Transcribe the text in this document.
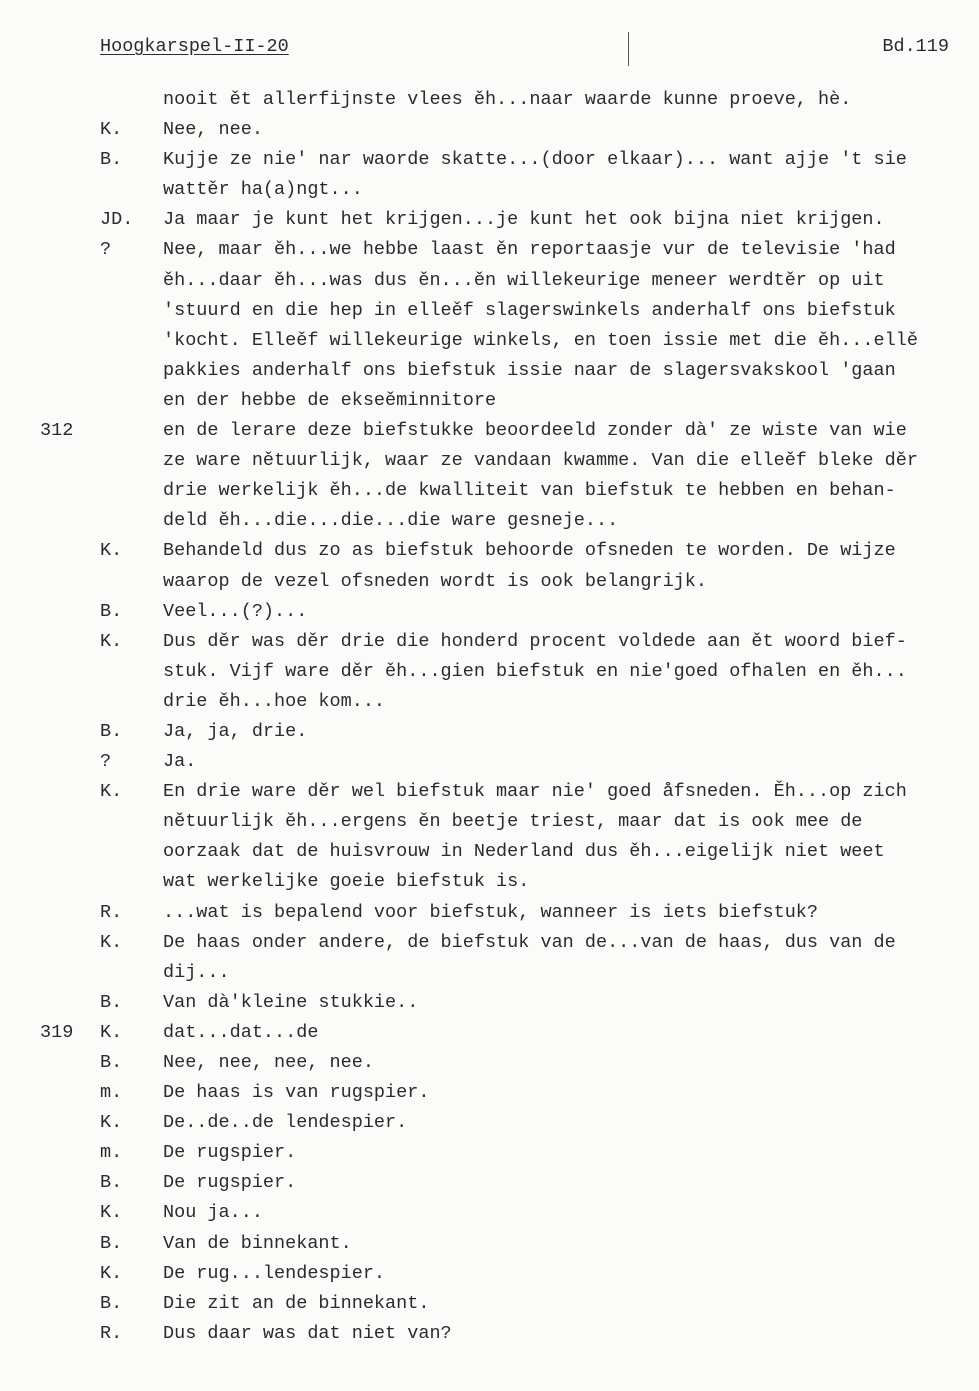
Hoogkarspel-II-20	Bd.119
nooit ět allerfijnste vlees ěh...naar waarde kunne proeve, hè.
K. Nee, nee.
B. Kujje ze nie' nar waorde skatte...(door elkaar)... want ajje 't sie
wattěr ha(a)ngt...
JD. Ja maar je kunt het krijgen...je kunt het ook bijna niet krijgen.
?	Nee, maar ěh...we hebbe laast ěn reportaasje vur de televisie 'had
ěh...daar ěh...was dus ěn...ěn willekeurige meneer werdtěr op uit
'stuurd en die hep in elleěf slagerswinkels anderhalf ons biefstuk
'kocht. Elleěf willekeurige winkels, en toen issie met die ěh...ellě
pakkies anderhalf ons biefstuk issie naar de slagersvakskool 'gaan
en der hebbe de ekseěminnitore
312	en de lerare deze biefstukke beoordeeld zonder dà' ze wiste van wie
ze ware nětuurlijk, waar ze vandaan kwamme. Van die elleěf bleke děr
drie werkelijk ěh...de kwalliteit van biefstuk te hebben en behan-
deld ěh...die...die...die ware gesneje...
K. Behandeld dus zo as biefstuk behoorde ofsneden te worden. De wijze
waarop de vezel ofsneden wordt is ook belangrijk.
B. Veel...(?)...
K. Dus děr was děr drie die honderd procent voldede aan ět woord bief-
stuk. Vijf ware děr ěh...gien biefstuk en nie'goed ofhalen en ěh...
drie ěh...hoe kom...
B. Ja, ja, drie.
?	Ja.
K. En drie ware děr wel biefstuk maar nie' goed åfsneden. Ěh...op zich
nětuurlijk ěh...ergens ěn beetje triest, maar dat is ook mee de
oorzaak dat de huisvrouw in Nederland dus ěh...eigelijk niet weet
wat werkelijke goeie biefstuk is.
R. ...wat is bepalend voor biefstuk, wanneer is iets biefstuk?
K. De haas onder andere, de biefstuk van de...van de haas, dus van de
dij...
B. Van dà'kleine stukkie..
319 K. dat...dat...de
B. Nee, nee, nee, nee.
m. De haas is van rugspier.
K. De..de..de lendespier.
m. De rugspier.
B. De rugspier.
K. Nou ja...
B. Van de binnekant.
K. De rug...lendespier.
B. Die zit an de binnekant.
R. Dus daar was dat niet van?
